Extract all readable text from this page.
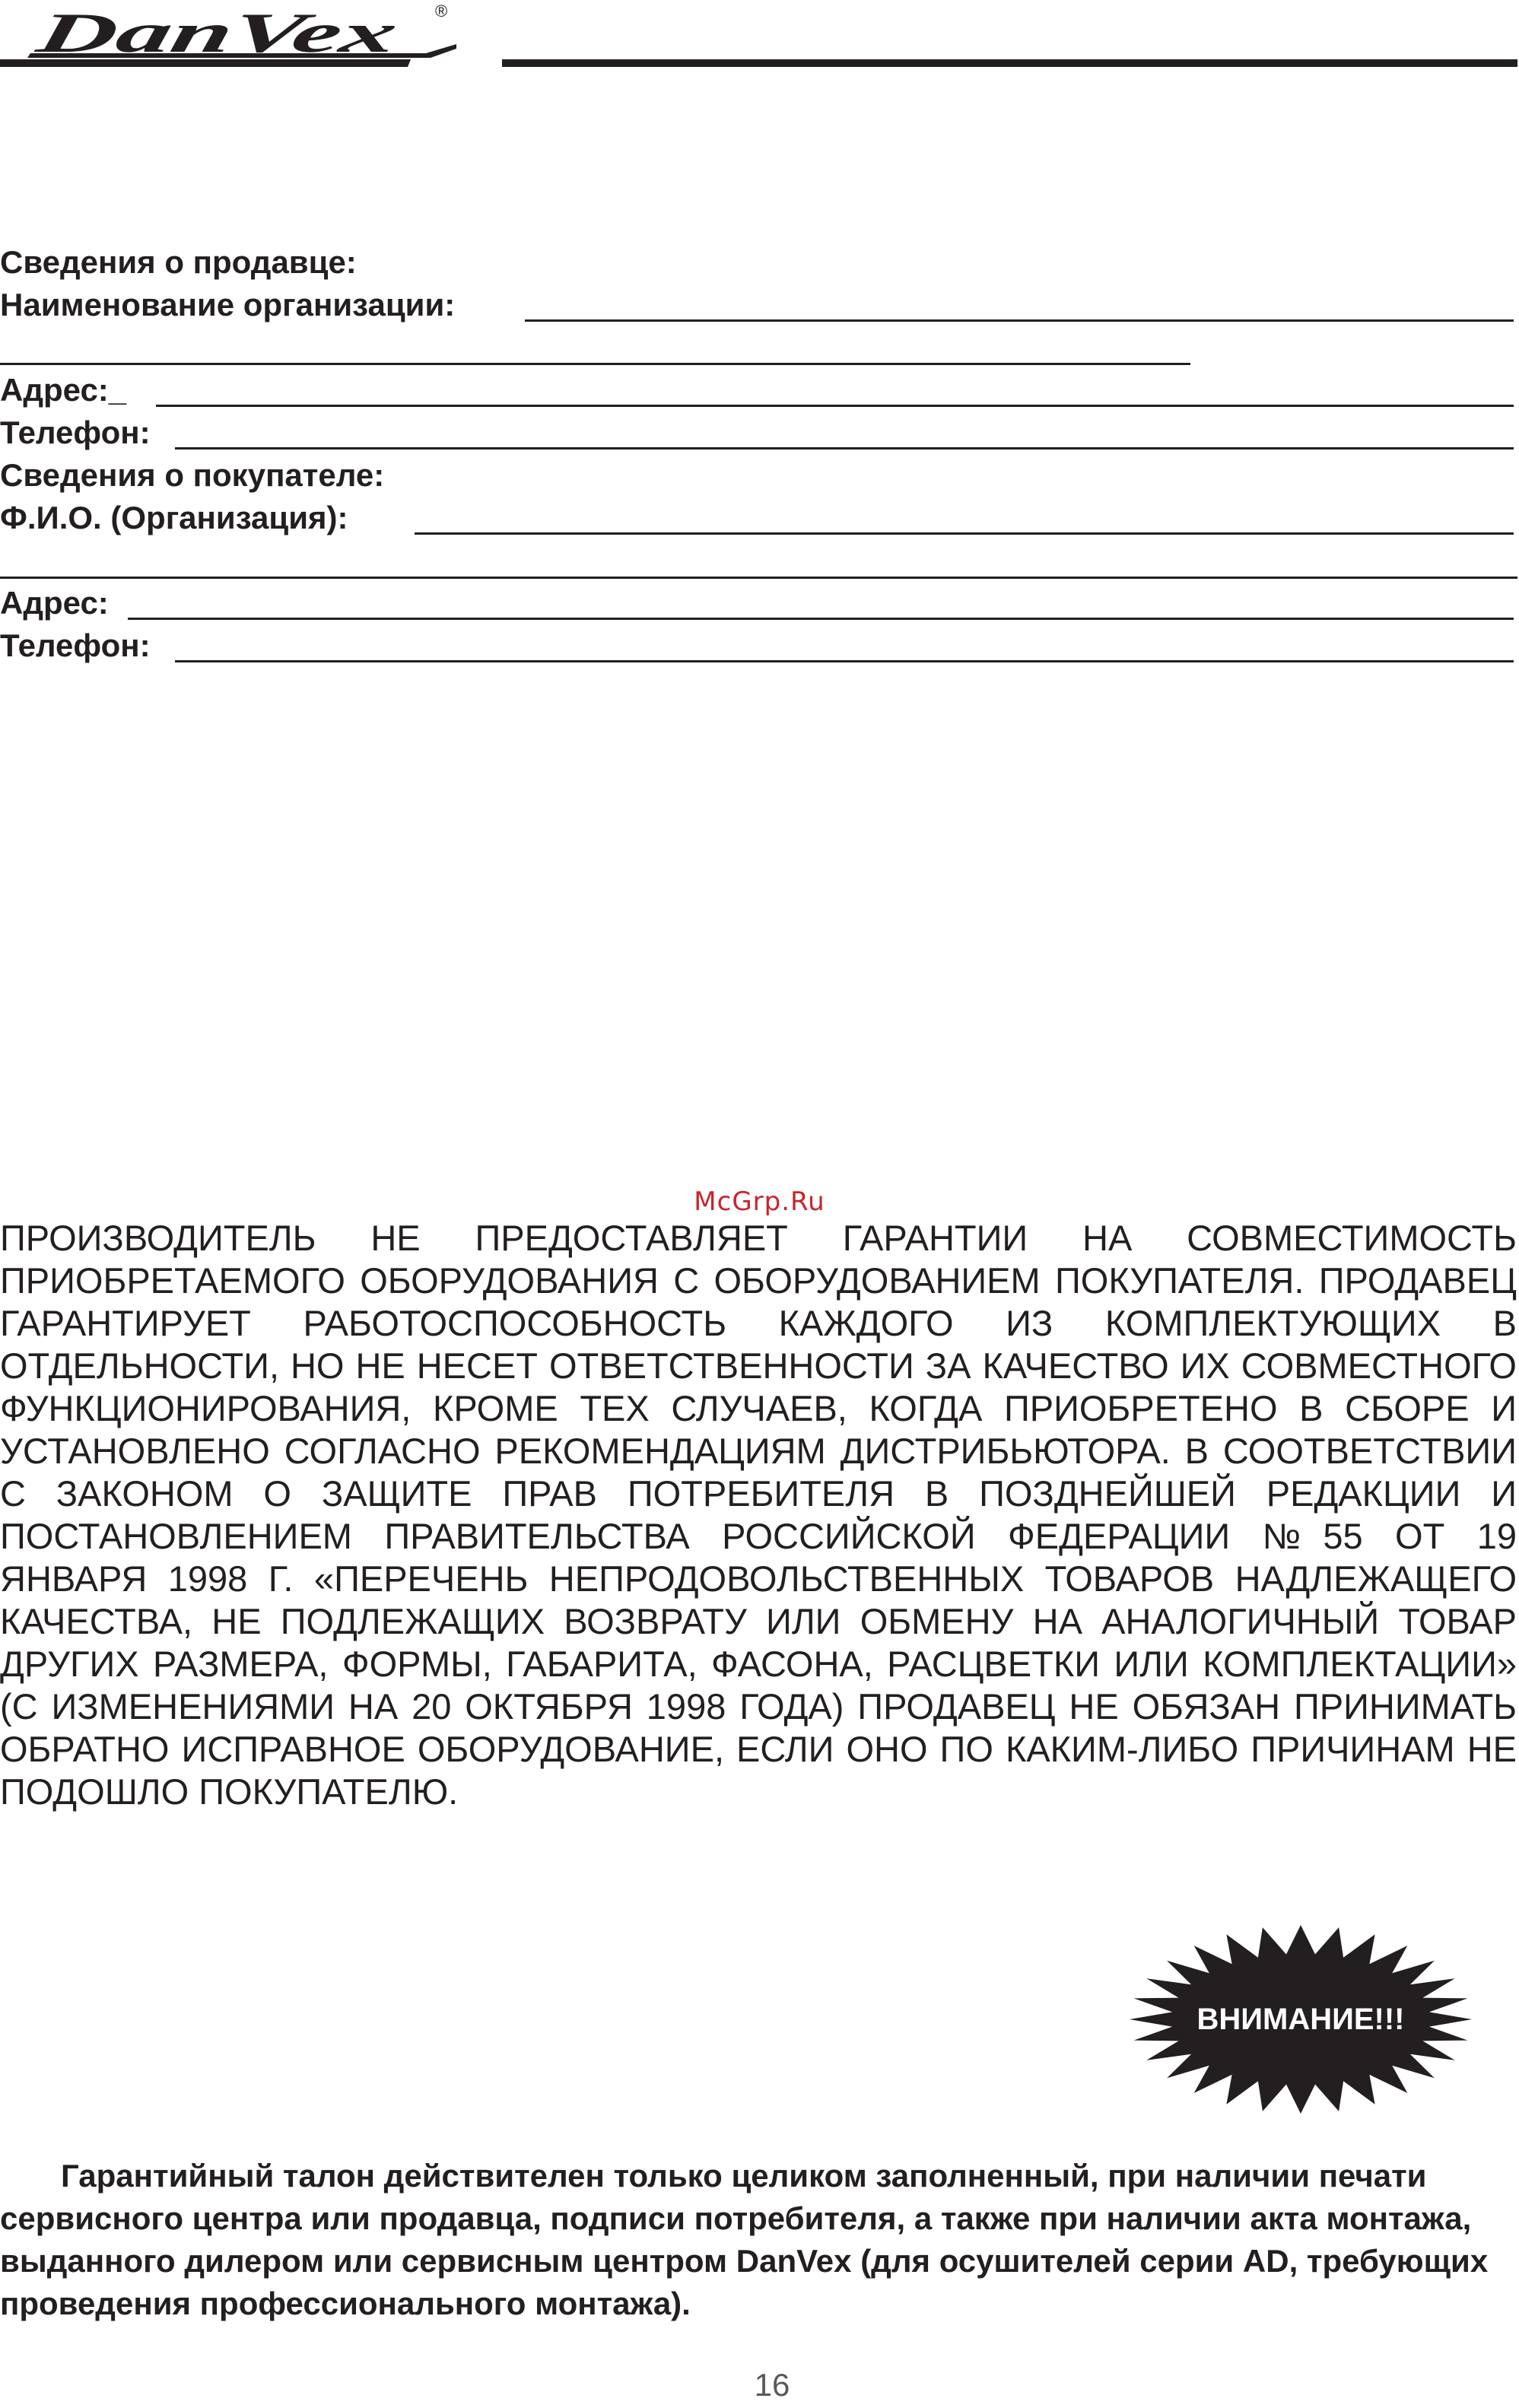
DanVex	®
Сведения о продавце:
Наименование организации:
Адрес:_
Телефон:
Сведения о покупателе:
Ф.И.О. (Организация):
Адрес:
Телефон:
McGrp.Ru
ПРОИЗВОДИТЕЛЬ НЕ ПРЕДОСТАВЛЯЕТ ГАРАНТИИ НА СОВМЕСТИМОСТЬ ПРИОБРЕТАЕМОГО ОБОРУДОВАНИЯ С ОБОРУДОВАНИЕМ ПОКУПАТЕЛЯ. ПРОДАВЕЦ ГАРАНТИРУЕТ РАБОТОСПОСОБНОСТЬ КАЖДОГО ИЗ КОМПЛЕКТУЮЩИХ В ОТДЕЛЬНОСТИ, НО НЕ НЕСЕТ ОТВЕТСТВЕННОСТИ ЗА КАЧЕСТВО ИХ СОВМЕСТНОГО ФУНКЦИОНИРОВАНИЯ, КРОМЕ ТЕХ СЛУЧАЕВ, КОГДА ПРИОБРЕТЕНО В СБОРЕ И УСТАНОВЛЕНО СОГЛАСНО РЕКОМЕНДАЦИЯМ ДИСТРИБЬЮТОРА. В СООТВЕТСТВИИ С ЗАКОНОМ О ЗАЩИТЕ ПРАВ ПОТРЕБИТЕЛЯ В ПОЗДНЕЙШЕЙ РЕДАКЦИИ И ПОСТАНОВЛЕНИЕМ ПРАВИТЕЛЬСТВА РОССИЙСКОЙ ФЕДЕРАЦИИ №55 ОТ 19 ЯНВАРЯ 1998 Г. «ПЕРЕЧЕНЬ НЕПРОДОВОЛЬСТВЕННЫХ ТОВАРОВ НАДЛЕЖАЩЕГО КАЧЕСТВА, НЕ ПОДЛЕЖАЩИХ ВОЗВРАТУ ИЛИ ОБМЕНУ НА АНАЛОГИЧНЫЙ ТОВАР ДРУГИХ РАЗМЕРА, ФОРМЫ, ГАБАРИТА, ФАСОНА, РАСЦВЕТКИ ИЛИ КОМПЛЕКТАЦИИ» (С ИЗМЕНЕНИЯМИ НА 20 ОКТЯБРЯ 1998 ГОДА) ПРОДАВЕЦ НЕ ОБЯЗАН ПРИНИМАТЬ ОБРАТНО ИСПРАВНОЕ ОБОРУДОВАНИЕ, ЕСЛИ ОНО ПО КАКИМ-ЛИБО ПРИЧИНАМ НЕ ПОДОШЛО ПОКУПАТЕЛЮ.
ВНИМАНИЕ!!!
Гарантийный талон действителен только целиком заполненный, при наличии печати сервисного центра или продавца, подписи потребителя, а также при наличии акта монтажа, выданного дилером или сервисным центром DanVex (для осушителей серии AD, требующих проведения профессионального монтажа).
16
